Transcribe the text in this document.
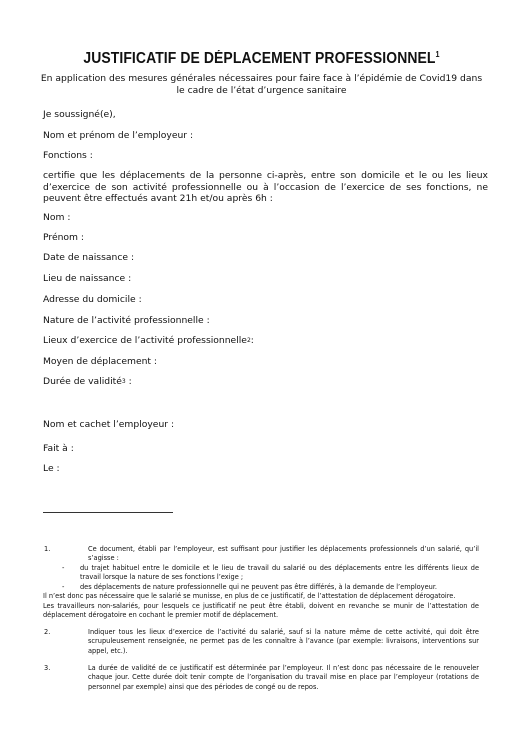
JUSTIFICATIF DE DÉPLACEMENT PROFESSIONNEL$^1$
En application des mesures générales nécessaires pour faire face à l’épidémie de Covid19 dans le cadre de l’état d’urgence sanitaire
Je soussigné(e),
Nom et prénom de l’employeur :
Fonctions :
certifie que les déplacements de la personne ci-après, entre son domicile et le ou les lieux d’exercice de son activité professionnelle ou à l’occasion de l’exercice de ses fonctions, ne peuvent être effectués avant 21h et/ou après 6h :
Nom :
Prénom :
Date de naissance :
Lieu de naissance :
Adresse du domicile :
Nature de l’activité professionnelle :
Lieux d’exercice de l’activité professionnelle$^2$:
Moyen de déplacement :
Durée de validité$^3$ :
Nom et cachet l’employeur :
Fait à :
Le :
1.	Ce document, établi par l’employeur, est suffisant pour justifier les déplacements professionnels d’un salarié, qu’il s’agisse :
- du trajet habituel entre le domicile et le lieu de travail du salarié ou des déplacements entre les différents lieux de travail lorsque la nature de ses fonctions l’exige ;
- des déplacements de nature professionnelle qui ne peuvent pas être différés, à la demande de l’employeur.
Il n’est donc pas nécessaire que le salarié se munisse, en plus de ce justificatif, de l’attestation de déplacement dérogatoire.
Les travailleurs non-salariés, pour lesquels ce justificatif ne peut être établi, doivent en revanche se munir de l’attestation de déplacement dérogatoire en cochant le premier motif de déplacement.
2.	Indiquer tous les lieux d’exercice de l’activité du salarié, sauf si la nature même de cette activité, qui doit être scrupuleusement renseignée, ne permet pas de les connaître à l’avance (par exemple: livraisons, interventions sur appel, etc.).
3.	La durée de validité de ce justificatif est déterminée par l’employeur. Il n’est donc pas nécessaire de le renouveler chaque jour. Cette durée doit tenir compte de l’organisation du travail mise en place par l’employeur (rotations de personnel par exemple) ainsi que des périodes de congé ou de repos.
